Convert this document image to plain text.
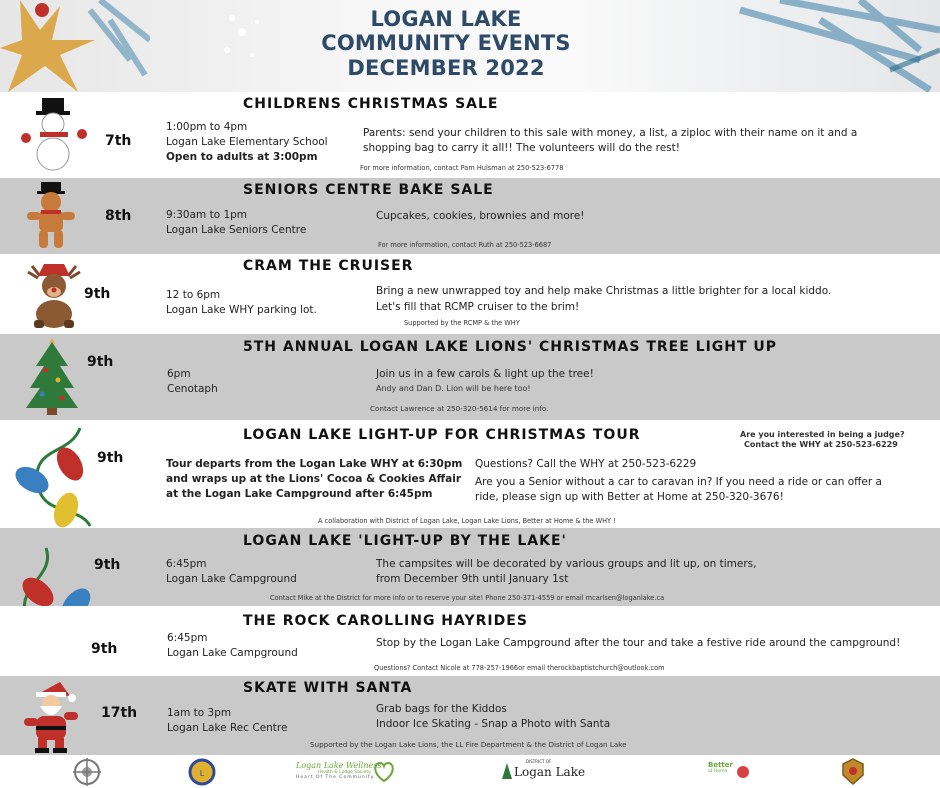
LOGAN LAKE
COMMUNITY EVENTS
DECEMBER 2022
7th
CHILDRENS CHRISTMAS SALE
1:00pm to 4pm
Logan Lake Elementary School
Open to adults at 3:00pm
Parents: send your children to this sale with money, a list, a ziploc with their name on it and a
shopping bag to carry it all!! The volunteers will do the rest!
For more information, contact Pam Hulsman at 250-523-6778
8th
SENIORS CENTRE BAKE SALE
9:30am to 1pm
Logan Lake Seniors Centre
Cupcakes, cookies, brownies and more!
For more information, contact Ruth at 250-523-6687
9th
CRAM THE CRUISER
12 to 6pm
Logan Lake WHY parking lot.
Bring a new unwrapped toy and help make Christmas a little brighter for a local kiddo.
Let's fill that RCMP cruiser to the brim!
Supported by the RCMP & the WHY
9th
5TH ANNUAL LOGAN LAKE LIONS' CHRISTMAS TREE LIGHT UP
6pm
Cenotaph
Join us in a few carols & light up the tree!
Andy and Dan D. Lion will be here too!
Contact Lawrence at 250-320-5614 for more info.
9th
LOGAN LAKE LIGHT-UP FOR CHRISTMAS TOUR
Tour departs from the Logan Lake WHY at 6:30pm
and wraps up at the Lions' Cocoa & Cookies Affair
at the Logan Lake Campground after 6:45pm
Questions? Call the WHY at 250-523-6229
Are you a Senior without a car to caravan in? If you need a ride or can offer a
ride, please sign up with Better at Home at 250-320-3676!
Are you interested in being a judge?
Contact the WHY at 250-523-6229
A collaboration with District of Logan Lake, Logan Lake Lions, Better at Home & the WHY !
9th
LOGAN LAKE 'LIGHT-UP BY THE LAKE'
6:45pm
Logan Lake Campground
The campsites will be decorated by various groups and lit up, on timers,
from December 9th until January 1st
Contact Mike at the District for more info or to reserve your site! Phone 250-371-4559 or email mcarlsen@loganlake.ca
9th
THE ROCK CAROLLING HAYRIDES
6:45pm
Logan Lake Campground
Stop by the Logan Lake Campground after the tour and take a festive ride around the campground!
Questions? Contact Nicole at 778-257-1966or email therockbaptistchurch@outlook.com
17th
SKATE WITH SANTA
1am to 3pm
Logan Lake Rec Centre
Grab bags for the Kiddos
Indoor Ice Skating - Snap a Photo with Santa
Supported by the Logan Lake Lions, the LL Fire Department & the District of Logan Lake
L
Logan Lake Wellness
Health & Lodge Society
Heart Of The Community
DISTRICT OF
Logan Lake	Better
at Home
